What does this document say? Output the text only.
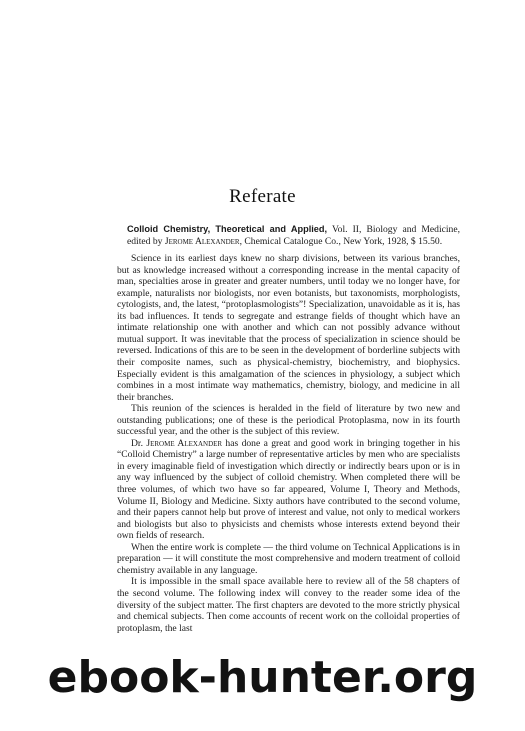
Referate

Colloid Chemistry, Theoretical and Applied, Vol. II, Biology and Medicine, edited by Jerome Alexander, Chemical Catalogue Co., New York, 1928, $ 15.50.

Science in its earliest days knew no sharp divisions, between its various branches, but as knowledge increased without a corresponding increase in the mental capacity of man, specialties arose in greater and greater numbers, until today we no longer have, for example, naturalists nor biologists, nor even botanists, but taxonomists, morphologists, cytologists, and, the latest, “protoplasmologists”! Specialization, unavoidable as it is, has its bad influences. It tends to segregate and estrange fields of thought which have an intimate relationship one with another and which can not possibly advance without mutual support. It was inevitable that the process of specialization in science should be reversed. Indications of this are to be seen in the development of borderline subjects with their composite names, such as physical-chemistry, biochemistry, and biophysics. Especially evident is this amalgamation of the sciences in physiology, a subject which combines in a most intimate way mathematics, chemistry, biology, and medicine in all their branches.

This reunion of the sciences is heralded in the field of literature by two new and outstanding publications; one of these is the periodical Protoplasma, now in its fourth successful year, and the other is the subject of this review.

Dr. Jerome Alexander has done a great and good work in bringing together in his “Colloid Chemistry” a large number of representative articles by men who are specialists in every imaginable field of investigation which directly or indirectly bears upon or is in any way influenced by the subject of colloid chemistry. When completed there will be three volumes, of which two have so far appeared, Volume I, Theory and Methods, Volume II, Biology and Medicine. Sixty authors have contributed to the second volume, and their papers cannot help but prove of interest and value, not only to medical workers and biologists but also to physicists and chemists whose interests extend beyond their own fields of research.

When the entire work is complete — the third volume on Technical Applications is in preparation — it will constitute the most comprehensive and modern treatment of colloid chemistry available in any language.

It is impossible in the small space available here to review all of the 58 chapters of the second volume. The following index will convey to the reader some idea of the diversity of the subject matter. The first chapters are devoted to the more strictly physical and chemical subjects. Then come accounts of recent work on the colloidal properties of protoplasm, the last

ebook-hunter.org
